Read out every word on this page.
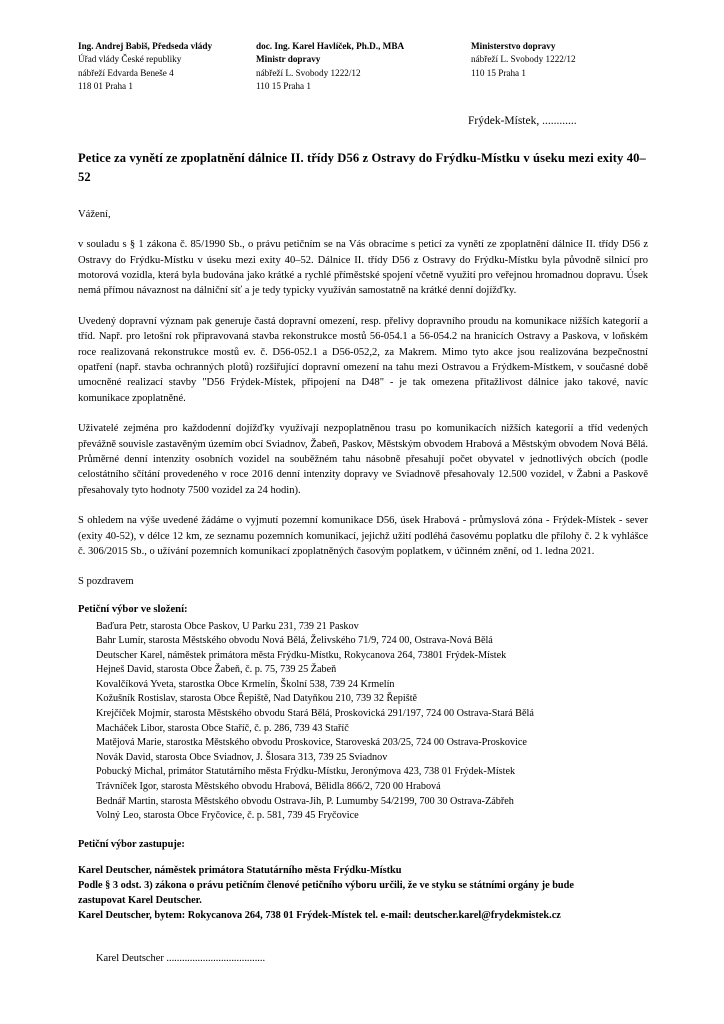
Ing. Andrej Babiš, Předseda vlády
Úřad vlády České republiky
nábřeží Edvarda Beneše 4
118 01 Praha 1
doc. Ing. Karel Havlíček, Ph.D., MBA
Ministr dopravy
nábřeží L. Svobody 1222/12
110 15 Praha 1
Ministerstvo dopravy
nábřeží L. Svobody 1222/12
110 15 Praha 1
Frýdek-Místek, ............
Petice za vynětí ze zpoplatnění dálnice II. třídy D56 z Ostravy do Frýdku-Místku v úseku mezi exity 40–52
Vážení,

v souladu s § 1 zákona č. 85/1990 Sb., o právu petičním se na Vás obracíme s peticí za vynětí ze zpoplatnění dálnice II. třídy D56 z Ostravy do Frýdku-Místku v úseku mezi exity 40–52. Dálnice II. třídy D56 z Ostravy do Frýdku-Místku byla původně silnicí pro motorová vozidla, která byla budována jako krátké a rychlé příměstské spojení včetně využití pro veřejnou hromadnou dopravu. Úsek nemá přímou návaznost na dálniční síť a je tedy typicky využíván samostatně na krátké denní dojížďky.

Uvedený dopravní význam pak generuje častá dopravní omezení, resp. přelivy dopravního proudu na komunikace nižších kategorií a tříd. Např. pro letošní rok připravovaná stavba rekonstrukce mostů 56-054.1 a 56-054.2 na hranicích Ostravy a Paskova, v loňském roce realizovaná rekonstrukce mostů ev. č. D56-052.1 a D56-052,2, za Makrem. Mimo tyto akce jsou realizována bezpečnostní opatření (např. stavba ochranných plotů) rozšiřující dopravní omezení na tahu mezi Ostravou a Frýdkem-Místkem, v současné době umocněné realizací stavby "D56 Frýdek-Místek, připojení na D48" - je tak omezena přitažlivost dálnice jako takové, navíc komunikace zpoplatněné.

Uživatelé zejména pro každodenní dojížďky využívají nezpoplatněnou trasu po komunikacích nižších kategorií a tříd vedených převážně souvisle zastavěným územím obcí Sviadnov, Žabeň, Paskov, Městským obvodem Hrabová a Městským obvodem Nová Bělá. Průměrné denní intenzity osobních vozidel na souběžném tahu násobně přesahují počet obyvatel v jednotlivých obcích (podle celostátního sčítání provedeného v roce 2016 denní intenzity dopravy ve Sviadnově přesahovaly 12.500 vozidel, v Žabni a Paskově přesahovaly tyto hodnoty 7500 vozidel za 24 hodin).

S ohledem na výše uvedené žádáme o vyjmutí pozemní komunikace D56, úsek Hrabová - průmyslová zóna - Frýdek-Místek - sever (exity 40-52), v délce 12 km, ze seznamu pozemních komunikací, jejichž užití podléhá časovému poplatku dle přílohy č. 2 k vyhlášce č. 306/2015 Sb., o užívání pozemních komunikací zpoplatněných časovým poplatkem, v účinném znění, od 1. ledna 2021.

S pozdravem
Petiční výbor ve složení:
Baďura Petr, starosta Obce Paskov, U Parku 231, 739 21 Paskov
Bahr Lumír, starosta Městského obvodu Nová Bělá, Želivského 71/9, 724 00, Ostrava-Nová Bělá
Deutscher Karel, náměstek primátora města Frýdku-Místku, Rokycanova 264, 73801 Frýdek-Místek
Hejneš David, starosta Obce Žabeň, č. p. 75, 739 25 Žabeň
Kovalčíková Yveta, starostka Obce Krmelín, Školní 538, 739 24 Krmelín
Kožušník Rostislav, starosta Obce Řepiště, Nad Datyňkou 210, 739 32 Řepiště
Krejčíček Mojmír, starosta Městského obvodu Stará Bělá, Proskovická 291/197, 724 00 Ostrava-Stará Bělá
Macháček Libor, starosta Obce Staříč, č. p. 286, 739 43 Staříč
Matějová Marie, starostka Městského obvodu Proskovice, Staroveská 203/25, 724 00 Ostrava-Proskovice
Novák David, starosta Obce Sviadnov, J. Šlosara 313, 739 25 Sviadnov
Pobucký Michal, primátor Statutárního města Frýdku-Místku, Jeronýmova 423, 738 01 Frýdek-Místek
Trávníček Igor, starosta Městského obvodu Hrabová, Bělidla 866/2, 720 00 Hrabová
Bednář Martin, starosta Městského obvodu Ostrava-Jih, P. Lumumby 54/2199, 700 30 Ostrava-Zábřeh
Volný Leo, starosta Obce Fryčovice, č. p. 581, 739 45 Fryčovice
Petiční výbor zastupuje:
Karel Deutscher, náměstek primátora Statutárního města Frýdku-Místku
Podle § 3 odst. 3) zákona o právu petičním členové petičního výboru určili, že ve styku se státními orgány je bude
zastupovat Karel Deutscher.
Karel Deutscher, bytem: Rokycanova 264, 738 01 Frýdek-Místek tel. e-mail: deutscher.karel@frydekmistek.cz
Karel Deutscher ......................................
